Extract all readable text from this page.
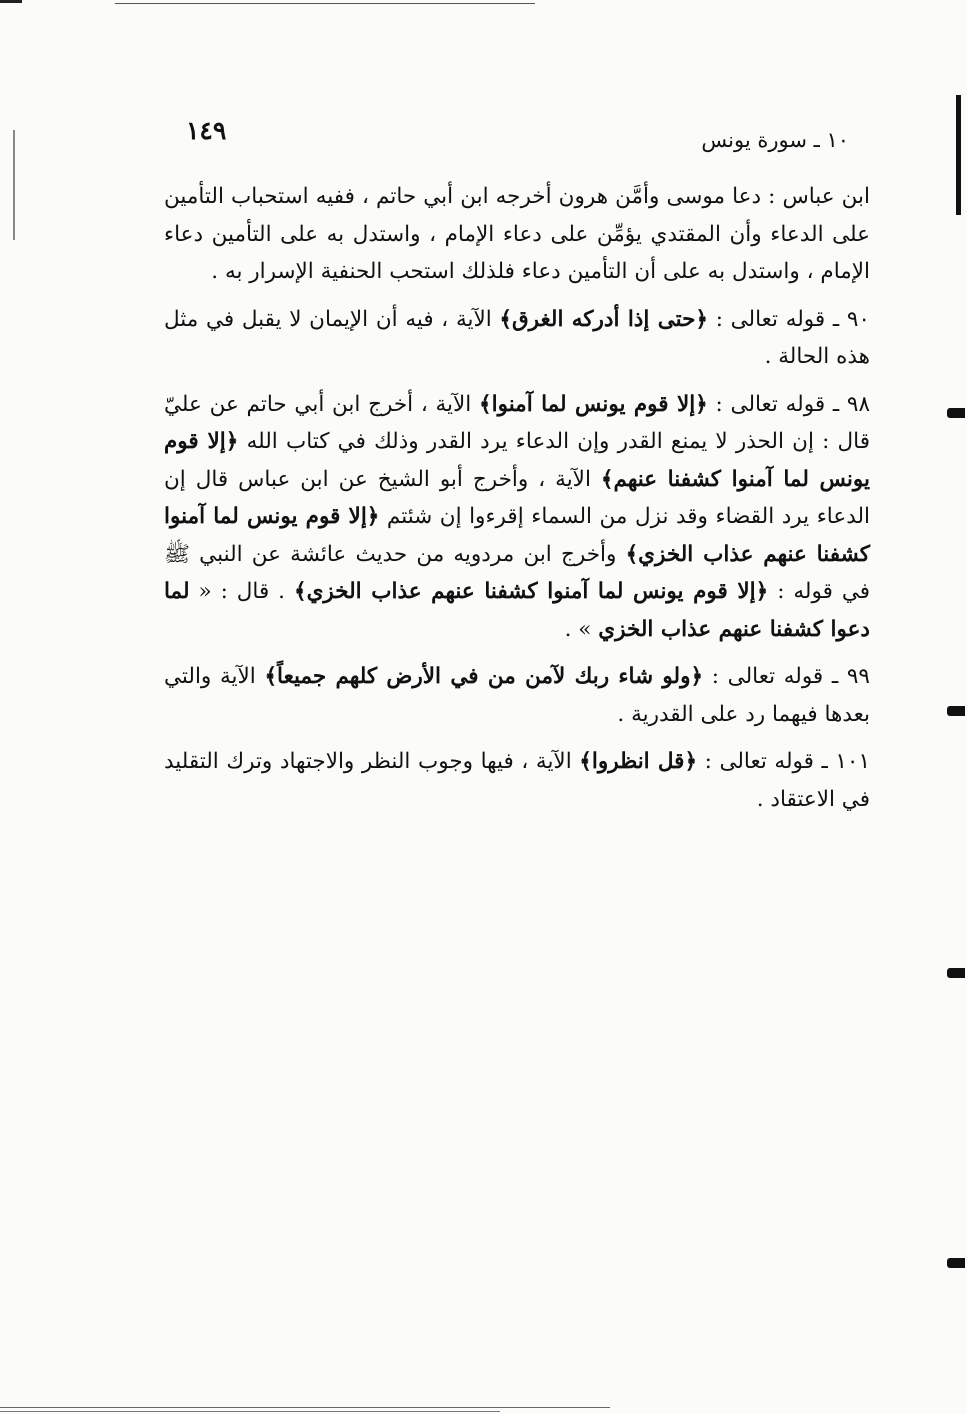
١٤٩	١٠ ـ سورة يونس

ابن عباس : دعا موسى وأمَّن هرون أخرجه ابن أبي حاتم ، ففيه استحباب التأمين على الدعاء وأن المقتدي يؤمِّن على دعاء الإمام ، واستدل به على التأمين دعاء الإمام ، واستدل به على أن التأمين دعاء فلذلك استحب الحنفية الإسرار به .

٩٠ ـ قوله تعالى : ﴿حتى إذا أدركه الغرق﴾ الآية ، فيه أن الإيمان لا يقبل في مثل هذه الحالة .

٩٨ ـ قوله تعالى : ﴿إلا قوم يونس لما آمنوا﴾ الآية ، أخرج ابن أبي حاتم عن عليّ قال : إن الحذر لا يمنع القدر وإن الدعاء يرد القدر وذلك في كتاب الله ﴿إلا قوم يونس لما آمنوا كشفنا عنهم﴾ الآية ، وأخرج أبو الشيخ عن ابن عباس قال إن الدعاء يرد القضاء وقد نزل من السماء إقرءوا إن شئتم ﴿إلا قوم يونس لما آمنوا كشفنا عنهم عذاب الخزي﴾ وأخرج ابن مردويه من حديث عائشة عن النبي ﷺ في قوله : ﴿إلا قوم يونس لما آمنوا كشفنا عنهم عذاب الخزي﴾ . قال : « لما دعوا كشفنا عنهم عذاب الخزي » .

٩٩ ـ قوله تعالى : ﴿ولو شاء ربك لآمن من في الأرض كلهم جميعاً﴾ الآية والتي بعدها فيهما رد على القدرية .

١٠١ ـ قوله تعالى : ﴿قل انظروا﴾ الآية ، فيها وجوب النظر والاجتهاد وترك التقليد في الاعتقاد .
